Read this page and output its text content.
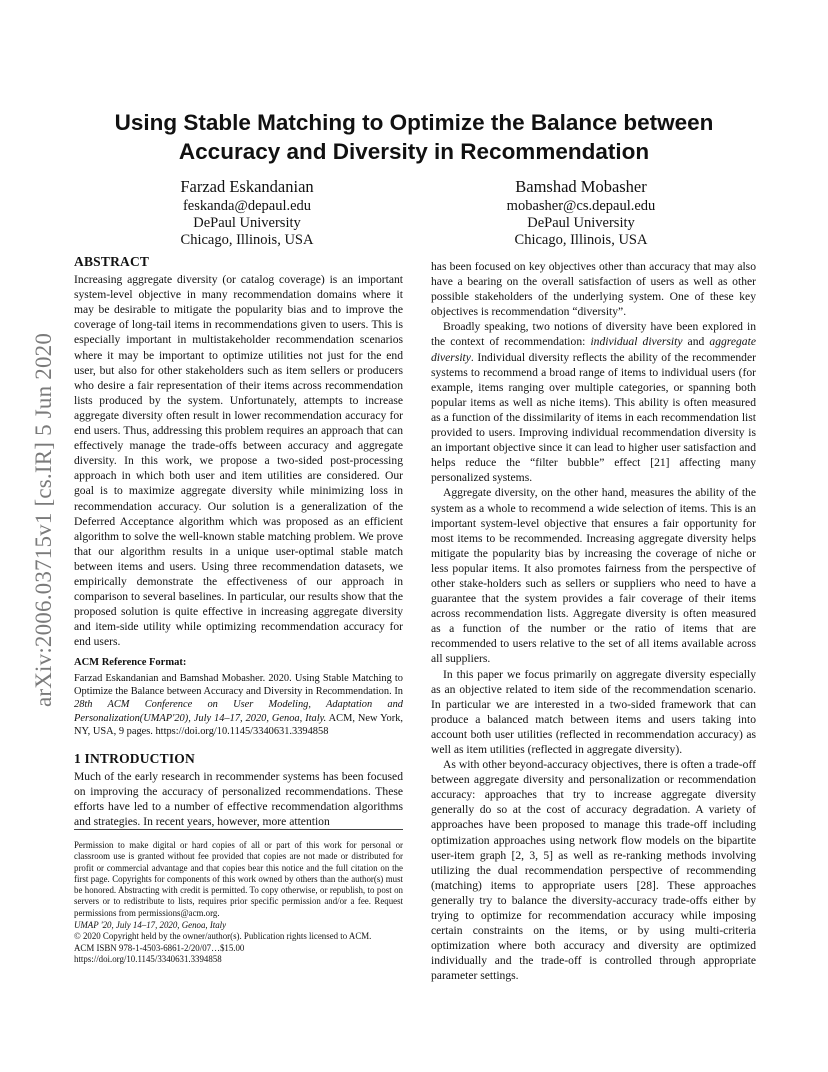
arXiv:2006.03715v1 [cs.IR] 5 Jun 2020
Using Stable Matching to Optimize the Balance between
Accuracy and Diversity in Recommendation
Farzad Eskandanian
feskanda@depaul.edu
DePaul University
Chicago, Illinois, USA
Bamshad Mobasher
mobasher@cs.depaul.edu
DePaul University
Chicago, Illinois, USA
ABSTRACT

Increasing aggregate diversity (or catalog coverage) is an important system-level objective in many recommendation domains where it may be desirable to mitigate the popularity bias and to improve the coverage of long-tail items in recommendations given to users. This is especially important in multistakeholder recommendation scenarios where it may be important to optimize utilities not just for the end user, but also for other stakeholders such as item sellers or producers who desire a fair representation of their items across recommendation lists produced by the system. Unfortunately, attempts to increase aggregate diversity often result in lower recommendation accuracy for end users. Thus, addressing this problem requires an approach that can effectively manage the trade-offs between accuracy and aggregate diversity. In this work, we propose a two-sided post-processing approach in which both user and item utilities are considered. Our goal is to maximize aggregate diversity while minimizing loss in recommendation accuracy. Our solution is a generalization of the Deferred Acceptance algorithm which was proposed as an efficient algorithm to solve the well-known stable matching problem. We prove that our algorithm results in a unique user-optimal stable match between items and users. Using three recommendation datasets, we empirically demonstrate the effectiveness of our approach in comparison to several baselines. In particular, our results show that the proposed solution is quite effective in increasing aggregate diversity and item-side utility while optimizing recommendation accuracy for end users.

ACM Reference Format:

Farzad Eskandanian and Bamshad Mobasher. 2020. Using Stable Matching to Optimize the Balance between Accuracy and Diversity in Recommendation. In 28th ACM Conference on User Modeling, Adaptation and Personalization(UMAP'20), July 14–17, 2020, Genoa, Italy. ACM, New York, NY, USA, 9 pages. https://doi.org/10.1145/3340631.3394858

1 INTRODUCTION

Much of the early research in recommender systems has been focused on improving the accuracy of personalized recommendations. These efforts have led to a number of effective recommendation algorithms and strategies. In recent years, however, more attention

Permission to make digital or hard copies of all or part of this work for personal or classroom use is granted without fee provided that copies are not made or distributed for profit or commercial advantage and that copies bear this notice and the full citation on the first page. Copyrights for components of this work owned by others than the author(s) must be honored. Abstracting with credit is permitted. To copy otherwise, or republish, to post on servers or to redistribute to lists, requires prior specific permission and/or a fee. Request permissions from permissions@acm.org.

UMAP '20, July 14–17, 2020, Genoa, Italy

© 2020 Copyright held by the owner/author(s). Publication rights licensed to ACM.

ACM ISBN 978-1-4503-6861-2/20/07…$15.00

https://doi.org/10.1145/3340631.3394858

has been focused on key objectives other than accuracy that may also have a bearing on the overall satisfaction of users as well as other possible stakeholders of the underlying system. One of these key objectives is recommendation “diversity”.

Broadly speaking, two notions of diversity have been explored in the context of recommendation: individual diversity and aggregate diversity. Individual diversity reflects the ability of the recommender systems to recommend a broad range of items to individual users (for example, items ranging over multiple categories, or spanning both popular items as well as niche items). This ability is often measured as a function of the dissimilarity of items in each recommendation list provided to users. Improving individual recommendation diversity is an important objective since it can lead to higher user satisfaction and helps reduce the “filter bubble” effect [21] affecting many personalized systems.

Aggregate diversity, on the other hand, measures the ability of the system as a whole to recommend a wide selection of items. This is an important system-level objective that ensures a fair opportunity for most items to be recommended. Increasing aggregate diversity helps mitigate the popularity bias by increasing the coverage of niche or less popular items. It also promotes fairness from the perspective of other stake-holders such as sellers or suppliers who need to have a guarantee that the system provides a fair coverage of their items across recommendation lists. Aggregate diversity is often measured as a function of the number or the ratio of items that are recommended to users relative to the set of all items available across all suppliers.

In this paper we focus primarily on aggregate diversity especially as an objective related to item side of the recommendation scenario. In particular we are interested in a two-sided framework that can produce a balanced match between items and users taking into account both user utilities (reflected in recommendation accuracy) as well as item utilities (reflected in aggregate diversity).

As with other beyond-accuracy objectives, there is often a trade-off between aggregate diversity and personalization or recommendation accuracy: approaches that try to increase aggregate diversity generally do so at the cost of accuracy degradation. A variety of approaches have been proposed to manage this trade-off including optimization approaches using network flow models on the bipartite user-item graph [2, 3, 5] as well as re-ranking methods involving utilizing the dual recommendation perspective of recommending (matching) items to appropriate users [28]. These approaches generally try to balance the diversity-accuracy trade-offs either by trying to optimize for recommendation accuracy while imposing certain constraints on the items, or by using multi-criteria optimization where both accuracy and diversity are optimized individually and the trade-off is controlled through appropriate parameter settings.
